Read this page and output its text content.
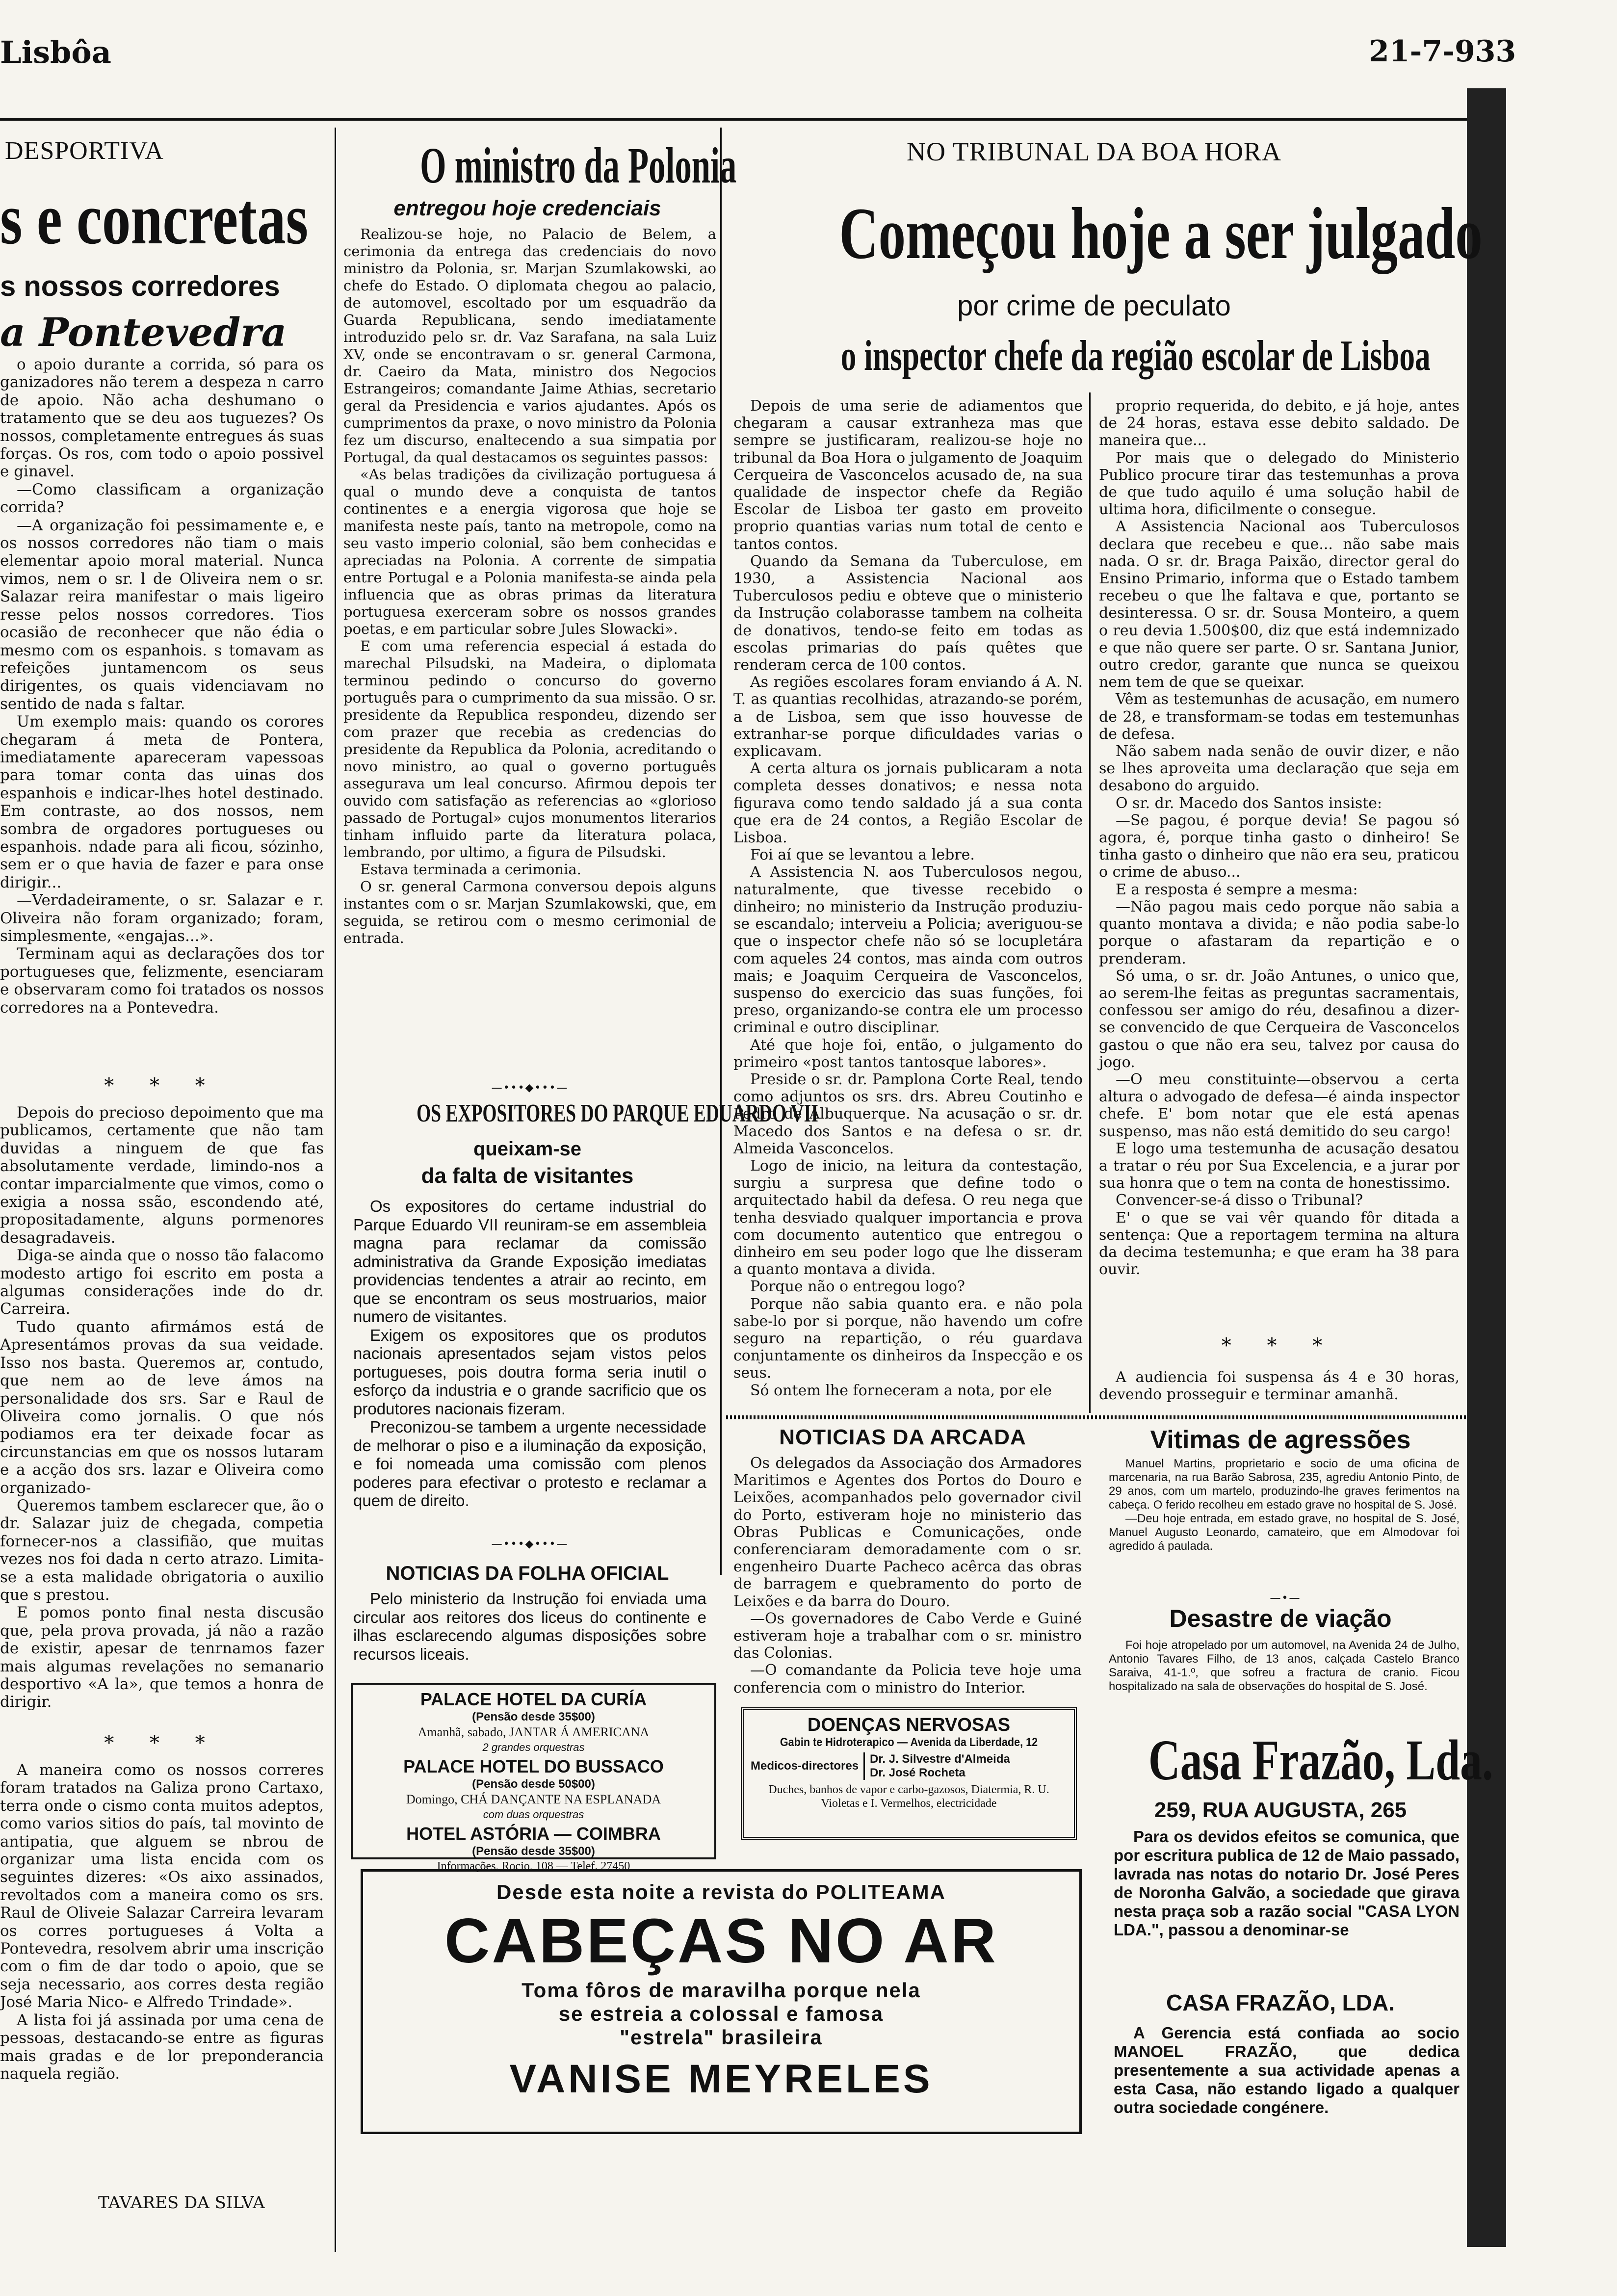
Lisbôa	21-7-933
DESPORTIVA
s e concretas
s nossos corredores
a Pontevedra

o apoio durante a corrida, só para os ganizadores não terem a despeza n carro de apoio. Não acha deshumano o tratamento que se deu aos tuguezes? Os nossos, completamente entregues ás suas forças. Os ros, com todo o apoio possivel e ginavel.

—Como classificam a organização corrida?

—A organização foi pessimamente e, e os nossos corredores não tiam o mais elementar apoio moral material. Nunca vimos, nem o sr. l de Oliveira nem o sr. Salazar reira manifestar o mais ligeiro resse pelos nossos corredores. Tios ocasião de reconhecer que não édia o mesmo com os espanhois. s tomavam as refeições juntamencom os seus dirigentes, os quais videnciavam no sentido de nada s faltar.

Um exemplo mais: quando os corores chegaram á meta de Pontera, imediatamente apareceram vapessoas para tomar conta das uinas dos espanhois e indicar-lhes hotel destinado. Em contraste, ao dos nossos, nem sombra de orgadores portugueses ou espanhois. ndade para ali ficou, sózinho, sem er o que havia de fazer e para onse dirigir...

—Verdadeiramente, o sr. Salazar e r. Oliveira não foram organizado; foram, simplesmente, «engajas...».

Terminam aqui as declarações dos tor portugueses que, felizmente, esenciaram e observaram como foi tratados os nossos corredores na a Pontevedra.

* * *

Depois do precioso depoimento que ma publicamos, certamente que não tam duvidas a ninguem de que fas absolutamente verdade, limindo-nos a contar imparcialmente que vimos, como o exigia a nossa ssão, escondendo até, propositadamente, alguns pormenores desagradaveis.

Diga-se ainda que o nosso tão falacomo modesto artigo foi escrito em posta a algumas considerações inde do dr. Carreira.

Tudo quanto afirmámos está de Apresentámos provas da sua veidade. Isso nos basta. Queremos ar, contudo, que nem ao de leve ámos na personalidade dos srs. Sar e Raul de Oliveira como jornalis. O que nós podiamos era ter deixade focar as circunstancias em que os nossos lutaram e a acção dos srs. lazar e Oliveira como organizado-

Queremos tambem esclarecer que, ão o dr. Salazar juiz de chegada, competia fornecer-nos a classifião, que muitas vezes nos foi dada n certo atrazo. Limita-se a esta malidade obrigatoria o auxilio que s prestou.

E pomos ponto final nesta discusão que, pela prova provada, já não a razão de existir, apesar de tenrnamos fazer mais algumas revelações no semanario desportivo «A la», que temos a honra de dirigir.

* * *

A maneira como os nossos correres foram tratados na Galiza prono Cartaxo, terra onde o cismo conta muitos adeptos, como varios sitios do país, tal movinto de antipatia, que alguem se nbrou de organizar uma lista encida com os seguintes dizeres: «Os aixo assinados, revoltados com a maneira como os srs. Raul de Oliveie Salazar Carreira levaram os corres portugueses á Volta a Pontevedra, resolvem abrir uma inscrição com o fim de dar todo o apoio, que se seja necessario, aos corres desta região José Maria Nico- e Alfredo Trindade».

A lista foi já assinada por uma cena de pessoas, destacando-se entre as figuras mais gradas e de lor preponderancia naquela região.

TAVARES DA SILVA
O ministro da Polonia
entregou hoje credenciais

Realizou-se hoje, no Palacio de Belem, a cerimonia da entrega das credenciais do novo ministro da Polonia, sr. Marjan Szumlakowski, ao chefe do Estado. O diplomata chegou ao palacio, de automovel, escoltado por um esquadrão da Guarda Republicana, sendo imediatamente introduzido pelo sr. dr. Vaz Sarafana, na sala Luiz XV, onde se encontravam o sr. general Carmona, dr. Caeiro da Mata, ministro dos Negocios Estrangeiros; comandante Jaime Athias, secretario geral da Presidencia e varios ajudantes. Após os cumprimentos da praxe, o novo ministro da Polonia fez um discurso, enaltecendo a sua simpatia por Portugal, da qual destacamos os seguintes passos:

«As belas tradições da civilização portuguesa á qual o mundo deve a conquista de tantos continentes e a energia vigorosa que hoje se manifesta neste país, tanto na metropole, como na seu vasto imperio colonial, são bem conhecidas e apreciadas na Polonia. A corrente de simpatia entre Portugal e a Polonia manifesta-se ainda pela influencia que as obras primas da literatura portuguesa exerceram sobre os nossos grandes poetas, e em particular sobre Jules Slowacki».

E com uma referencia especial á estada do marechal Pilsudski, na Madeira, o diplomata terminou pedindo o concurso do governo português para o cumprimento da sua missão. O sr. presidente da Republica respondeu, dizendo ser com prazer que recebia as credencias do presidente da Republica da Polonia, acreditando o novo ministro, ao qual o governo português assegurava um leal concurso. Afirmou depois ter ouvido com satisfação as referencias ao «glorioso passado de Portugal» cujos monumentos literarios tinham influido parte da literatura polaca, lembrando, por ultimo, a figura de Pilsudski.

Estava terminada a cerimonia.

O sr. general Carmona conversou depois alguns instantes com o sr. Marjan Szumlakowski, que, em seguida, se retirou com o mesmo cerimonial de entrada.

—•••◆•••—
OS EXPOSITORES DO PARQUE EDUARDO VII
queixam-se
da falta de visitantes

Os expositores do certame industrial do Parque Eduardo VII reuniram-se em assembleia magna para reclamar da comissão administrativa da Grande Exposição imediatas providencias tendentes a atrair ao recinto, em que se encontram os seus mostruarios, maior numero de visitantes.

Exigem os expositores que os produtos nacionais apresentados sejam vistos pelos portugueses, pois doutra forma seria inutil o esforço da industria e o grande sacrificio que os produtores nacionais fizeram.

Preconizou-se tambem a urgente necessidade de melhorar o piso e a iluminação da exposição, e foi nomeada uma comissão com plenos poderes para efectivar o protesto e reclamar a quem de direito.

—•••◆•••—
NOTICIAS DA FOLHA OFICIAL

Pelo ministerio da Instrução foi enviada uma circular aos reitores dos liceus do continente e ilhas esclarecendo algumas disposições sobre recursos liceais.

PALACE HOTEL DA CURÍA
(Pensão desde 35$00)
Amanhã, sabado, JANTAR Á AMERICANA
2 grandes orquestras
PALACE HOTEL DO BUSSACO
(Pensão desde 50$00)
Domingo, CHÁ DANÇANTE NA ESPLANADA
com duas orquestras
HOTEL ASTÓRIA — COIMBRA
(Pensão desde 35$00)
Informações, Rocio, 108 — Telef. 27450
NO TRIBUNAL DA BOA HORA
Começou hoje a ser julgado
por crime de peculato
o inspector chefe da região escolar de Lisboa

Depois de uma serie de adiamentos que chegaram a causar extranheza mas que sempre se justificaram, realizou-se hoje no tribunal da Boa Hora o julgamento de Joaquim Cerqueira de Vasconcelos acusado de, na sua qualidade de inspector chefe da Região Escolar de Lisboa ter gasto em proveito proprio quantias varias num total de cento e tantos contos.

Quando da Semana da Tuberculose, em 1930, a Assistencia Nacional aos Tuberculosos pediu e obteve que o ministerio da Instrução colaborasse tambem na colheita de donativos, tendo-se feito em todas as escolas primarias do país quêtes que renderam cerca de 100 contos.

As regiões escolares foram enviando á A. N. T. as quantias recolhidas, atrazando-se porém, a de Lisboa, sem que isso houvesse de extranhar-se porque dificuldades varias o explicavam.

A certa altura os jornais publicaram a nota completa desses donativos; e nessa nota figurava como tendo saldado já a sua conta que era de 24 contos, a Região Escolar de Lisboa.

Foi aí que se levantou a lebre.

A Assistencia N. aos Tuberculosos negou, naturalmente, que tivesse recebido o dinheiro; no ministerio da Instrução produziu-se escandalo; interveiu a Policia; averiguou-se que o inspector chefe não só se locupletára com aqueles 24 contos, mas ainda com outros mais; e Joaquim Cerqueira de Vasconcelos, suspenso do exercicio das suas funções, foi preso, organizando-se contra ele um processo criminal e outro disciplinar.

Até que hoje foi, então, o julgamento do primeiro «post tantos tantosque labores».

Preside o sr. dr. Pamplona Corte Real, tendo como adjuntos os srs. drs. Abreu Coutinho e Pedro de Albuquerque. Na acusação o sr. dr. Macedo dos Santos e na defesa o sr. dr. Almeida Vasconcelos.

Logo de inicio, na leitura da contestação, surgiu a surpresa que define todo o arquitectado habil da defesa. O reu nega que tenha desviado qualquer importancia e prova com documento autentico que entregou o dinheiro em seu poder logo que lhe disseram a quanto montava a divida.

Porque não o entregou logo?

Porque não sabia quanto era. e não pola sabe-lo por si porque, não havendo um cofre seguro na repartição, o réu guardava conjuntamente os dinheiros da Inspecção e os seus.

Só ontem lhe forneceram a nota, por ele

proprio requerida, do debito, e já hoje, antes de 24 horas, estava esse debito saldado. De maneira que...

Por mais que o delegado do Ministerio Publico procure tirar das testemunhas a prova de que tudo aquilo é uma solução habil de ultima hora, dificilmente o consegue.

A Assistencia Nacional aos Tuberculosos declara que recebeu e que... não sabe mais nada. O sr. dr. Braga Paixão, director geral do Ensino Primario, informa que o Estado tambem recebeu o que lhe faltava e que, portanto se desinteressa. O sr. dr. Sousa Monteiro, a quem o reu devia 1.500$00, diz que está indemnizado e que não quere ser parte. O sr. Santana Junior, outro credor, garante que nunca se queixou nem tem de que se queixar.

Vêm as testemunhas de acusação, em numero de 28, e transformam-se todas em testemunhas de defesa.

Não sabem nada senão de ouvir dizer, e não se lhes aproveita uma declaração que seja em desabono do arguido.

O sr. dr. Macedo dos Santos insiste:

—Se pagou, é porque devia! Se pagou só agora, é, porque tinha gasto o dinheiro! Se tinha gasto o dinheiro que não era seu, praticou o crime de abuso...

E a resposta é sempre a mesma:

—Não pagou mais cedo porque não sabia a quanto montava a divida; e não podia sabe-lo porque o afastaram da repartição e o prenderam.

Só uma, o sr. dr. João Antunes, o unico que, ao serem-lhe feitas as preguntas sacramentais, confessou ser amigo do réu, desafinou a dizer-se convencido de que Cerqueira de Vasconcelos gastou o que não era seu, talvez por causa do jogo.

—O meu constituinte—observou a certa altura o advogado de defesa—é ainda inspector chefe. E' bom notar que ele está apenas suspenso, mas não está demitido do seu cargo!

E logo uma testemunha de acusação desatou a tratar o réu por Sua Excelencia, e a jurar por sua honra que o tem na conta de honestissimo.

Convencer-se-á disso o Tribunal?

E' o que se vai vêr quando fôr ditada a sentença: Que a reportagem termina na altura da decima testemunha; e que eram ha 38 para ouvir.

* * *

A audiencia foi suspensa ás 4 e 30 horas, devendo prosseguir e terminar amanhã.

NOTICIAS DA ARCADA

Os delegados da Associação dos Armadores Maritimos e Agentes dos Portos do Douro e Leixões, acompanhados pelo governador civil do Porto, estiveram hoje no ministerio das Obras Publicas e Comunicações, onde conferenciaram demoradamente com o sr. engenheiro Duarte Pacheco acêrca das obras de barragem e quebramento do porto de Leixões e da barra do Douro.

—Os governadores de Cabo Verde e Guiné estiveram hoje a trabalhar com o sr. ministro das Colonias.

—O comandante da Policia teve hoje uma conferencia com o ministro do Interior.

Vitimas de agressões

Manuel Martins, proprietario e socio de uma oficina de marcenaria, na rua Barão Sabrosa, 235, agrediu Antonio Pinto, de 29 anos, com um martelo, produzindo-lhe graves ferimentos na cabeça. O ferido recolheu em estado grave no hospital de S. José.

—Deu hoje entrada, em estado grave, no hospital de S. José, Manuel Augusto Leonardo, camateiro, que em Almodovar foi agredido á paulada.

—•—
Desastre de viação

Foi hoje atropelado por um automovel, na Avenida 24 de Julho, Antonio Tavares Filho, de 13 anos, calçada Castelo Branco Saraiva, 41-1.º, que sofreu a fractura de cranio. Ficou hospitalizado na sala de observações do hospital de S. José.

DOENÇAS NERVOSAS
Gabin te Hidroterapico — Avenida da Liberdade, 12
Medicos-directores
Dr. J. Silvestre d'Almeida
Dr. José Rocheta
Duches, banhos de vapor e carbo-gazosos, Diatermia, R. U. Violetas e I. Vermelhos, electricidade
Casa Frazão, Lda.
259, RUA AUGUSTA, 265
Para os devidos efeitos se comunica, que por escritura publica de 12 de Maio passado, lavrada nas notas do notario Dr. José Peres de Noronha Galvão, a sociedade que girava nesta praça sob a razão social "CASA LYON LDA.", passou a denominar-se
CASA FRAZÃO, LDA.
A Gerencia está confiada ao socio MANOEL FRAZÃO, que dedica presentemente a sua actividade apenas a esta Casa, não estando ligado a qualquer outra sociedade congénere.
Desde esta noite a revista do POLITEAMA
CABEÇAS NO AR
Toma fôros de maravilha porque nela
se estreia a colossal e famosa
"estrela" brasileira
VANISE MEYRELES
